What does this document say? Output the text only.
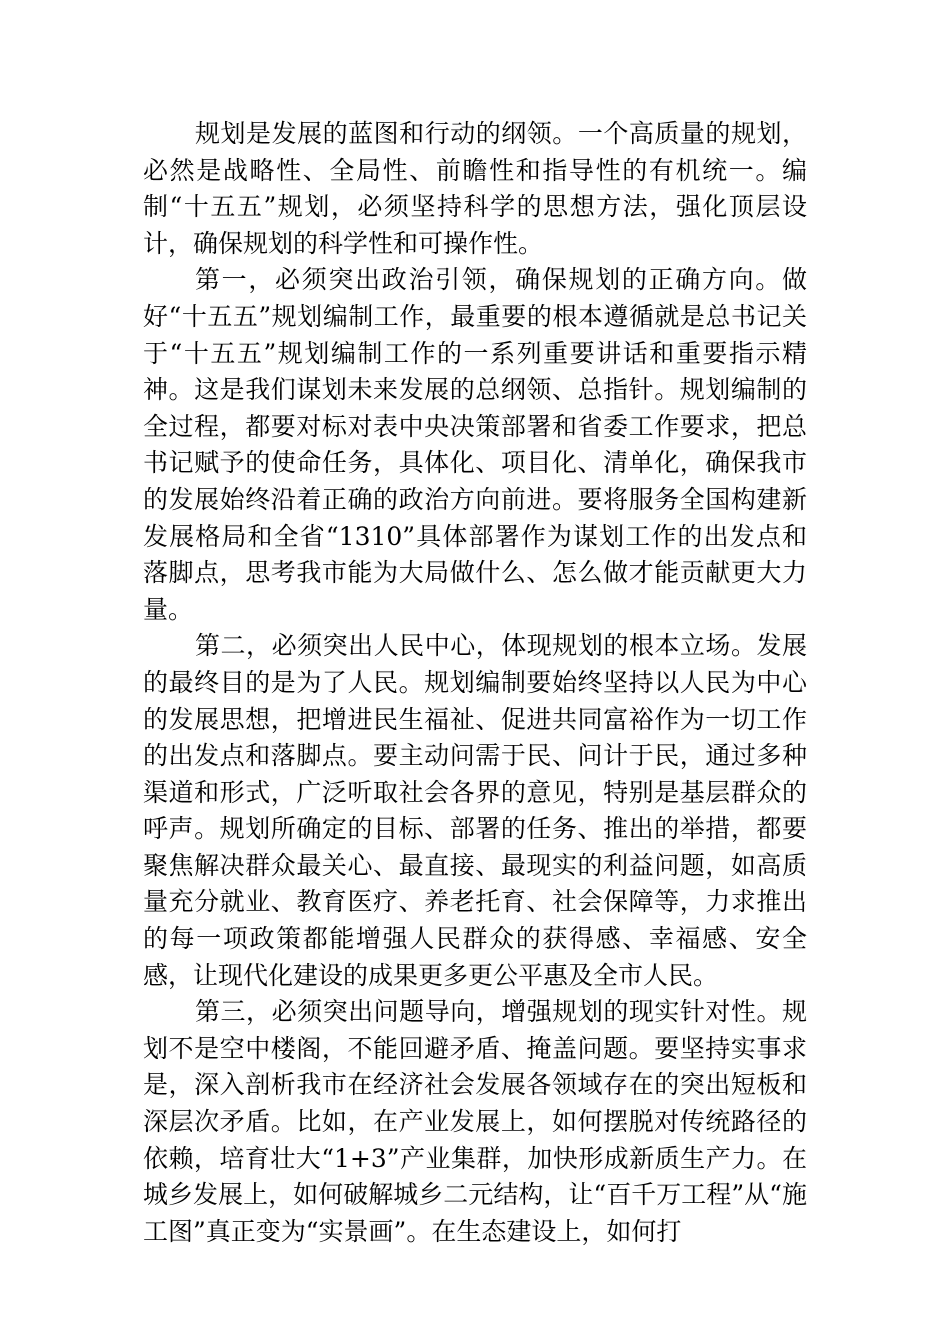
规划是发展的蓝图和行动的纲领。一个高质量的规划，必然是战略性、全局性、前瞻性和指导性的有机统一。编制“十五五”规划，必须坚持科学的思想方法，强化顶层设计，确保规划的科学性和可操作性。

第一，必须突出政治引领，确保规划的正确方向。做好“十五五”规划编制工作，最重要的根本遵循就是总书记关于“十五五”规划编制工作的一系列重要讲话和重要指示精神。这是我们谋划未来发展的总纲领、总指针。规划编制的全过程，都要对标对表中央决策部署和省委工作要求，把总书记赋予的使命任务，具体化、项目化、清单化，确保我市的发展始终沿着正确的政治方向前进。要将服务全国构建新发展格局和全省“1310”具体部署作为谋划工作的出发点和落脚点，思考我市能为大局做什么、怎么做才能贡献更大力量。

第二，必须突出人民中心，体现规划的根本立场。发展的最终目的是为了人民。规划编制要始终坚持以人民为中心的发展思想，把增进民生福祉、促进共同富裕作为一切工作的出发点和落脚点。要主动问需于民、问计于民，通过多种渠道和形式，广泛听取社会各界的意见，特别是基层群众的呼声。规划所确定的目标、部署的任务、推出的举措，都要聚焦解决群众最关心、最直接、最现实的利益问题，如高质量充分就业、教育医疗、养老托育、社会保障等，力求推出的每一项政策都能增强人民群众的获得感、幸福感、安全感，让现代化建设的成果更多更公平惠及全市人民。

第三，必须突出问题导向，增强规划的现实针对性。规划不是空中楼阁，不能回避矛盾、掩盖问题。要坚持实事求是，深入剖析我市在经济社会发展各领域存在的突出短板和深层次矛盾。比如，在产业发展上，如何摆脱对传统路径的依赖，培育壮大“1+3”产业集群，加快形成新质生产力。在城乡发展上，如何破解城乡二元结构，让“百千万工程”从“施工图”真正变为“实景画”。在生态建设上，如何打
